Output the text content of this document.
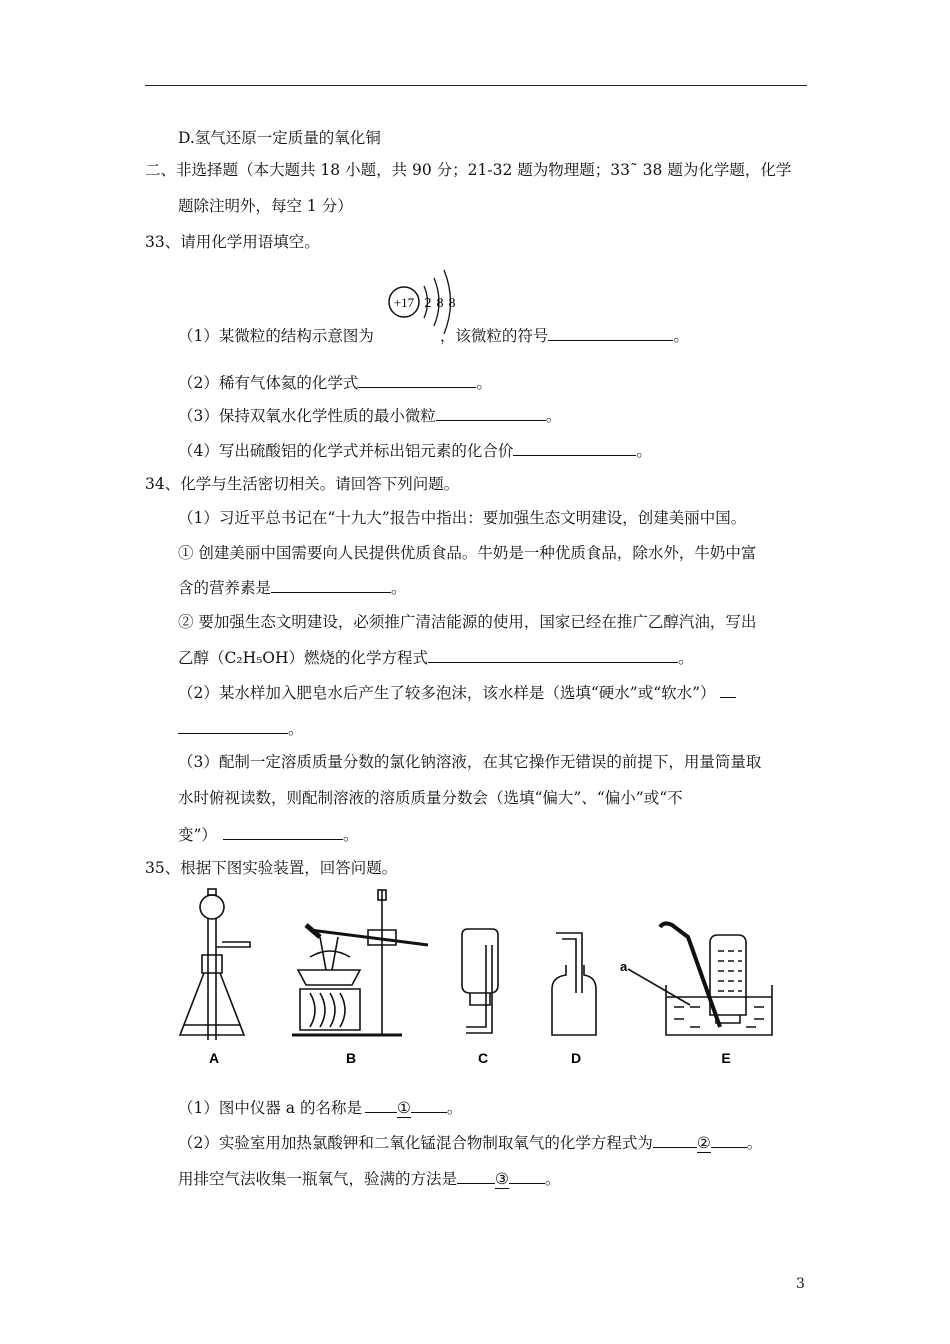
D.氢气还原一定质量的氧化铜
二、非选择题（本大题共 18 小题，共 90 分；21-32 题为物理题；33˜ 38 题为化学题，化学
题除注明外，每空 1 分）
33、请用化学用语填空。
+17 2 8 8
（1）某微粒的结构示意图为	，该微粒的符号	。
（2）稀有气体氦的化学式	。
（3）保持双氧水化学性质的最小微粒	。
（4）写出硫酸铝的化学式并标出铝元素的化合价	。
34、化学与生活密切相关。请回答下列问题。
（1）习近平总书记在“十九大”报告中指出：要加强生态文明建设，创建美丽中国。
① 创建美丽中国需要向人民提供优质食品。牛奶是一种优质食品，除水外，牛奶中富
含的营养素是	。
② 要加强生态文明建设，必须推广清洁能源的使用，国家已经在推广乙醇汽油，写出
乙醇（C₂H₅OH）燃烧的化学方程式	。
（2）某水样加入肥皂水后产生了较多泡沫，该水样是（选填“硬水”或“软水”）
。
（3）配制一定溶质质量分数的氯化钠溶液，在其它操作无错误的前提下，用量筒量取
水时俯视读数，则配制溶液的溶质质量分数会（选填“偏大”、“偏小”或“不
变”）	。
35、根据下图实验装置，回答问题。
A	B	C	D
a
E
（1）图中仪器 a 的名称是 ① 。
（2）实验室用加热氯酸钾和二氧化锰混合物制取氧气的化学方程式为	② 。
用排空气法收集一瓶氧气，验满的方法是 ③ 。
3
